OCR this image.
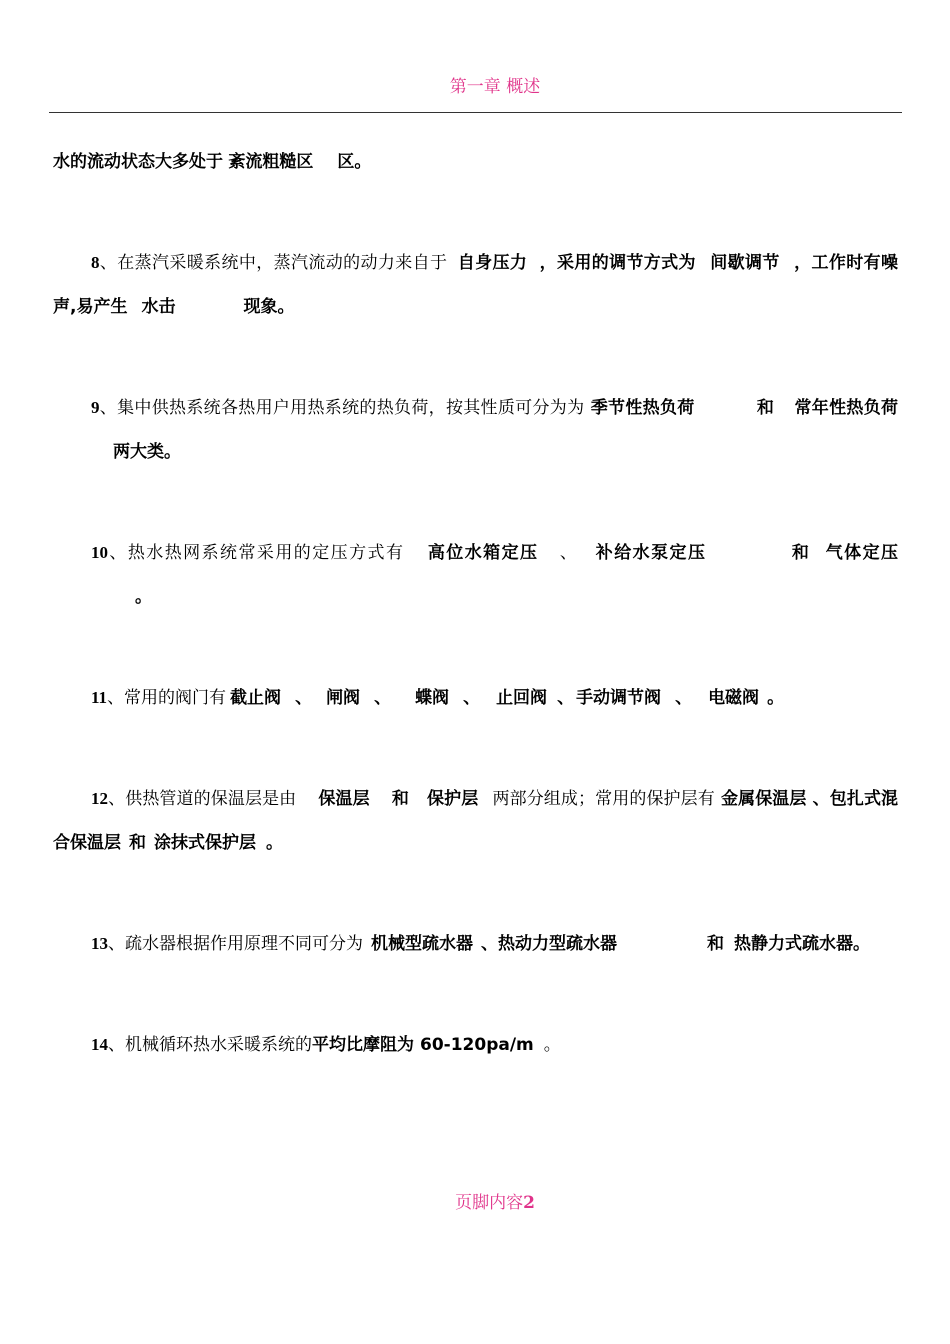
第一章 概述

水的流动状态大多处于 紊流粗糙区 区。

8、在蒸汽采暖系统中，蒸汽流动的动力来自于 自身压力 ，采用的调节方式为 间歇调节 ，工作时有噪声,易产生 水击	现象。

9、集中供热系统各热用户用热系统的热负荷，按其性质可分为为 季节性热负荷	和 常年性热负荷两大类。

10、热水热网系统常采用的定压方式有 高位水箱定压 、 补给水泵定压	和 气体定压。

11、常用的阀门有 截止阀 、 闸阀 、 蝶阀 、 止回阀 、 手动调节阀 、 电磁阀 。

12、供热管道的保温层是由 保温层 和 保护层 两部分组成；常用的保护层有 金属保温层 、包扎式混合保温层 和 涂抹式保护层 。

13、疏水器根据作用原理不同可分为 机械型疏水器 、热动力型疏水器	和 热静力式疏水器。

14、机械循环热水采暖系统的平均比摩阻为 60-120pa/m 。

页脚内容2
